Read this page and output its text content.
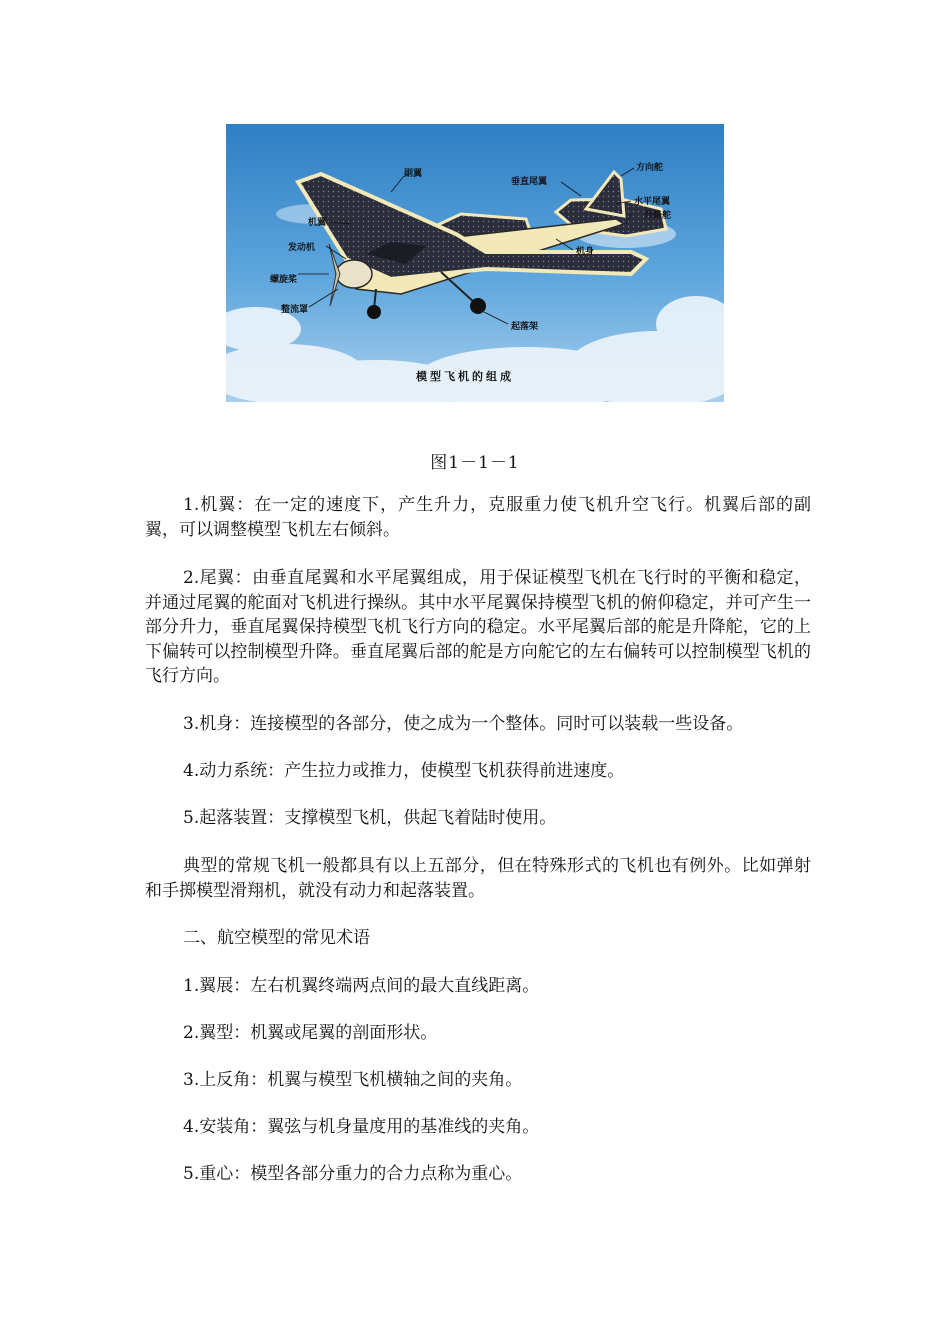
副翼
垂直尾翼
方向舵
水平尾翼
升降舵
机翼
发动机	机身
螺旋桨
整流罩
起落架
模型飞机的组成
图1－1－1

1.机翼：在一定的速度下，产生升力，克服重力使飞机升空飞行。机翼后部的副翼，可以调整模型飞机左右倾斜。

2.尾翼：由垂直尾翼和水平尾翼组成，用于保证模型飞机在飞行时的平衡和稳定，并通过尾翼的舵面对飞机进行操纵。其中水平尾翼保持模型飞机的俯仰稳定，并可产生一部分升力，垂直尾翼保持模型飞机飞行方向的稳定。水平尾翼后部的舵是升降舵，它的上下偏转可以控制模型升降。垂直尾翼后部的舵是方向舵它的左右偏转可以控制模型飞机的飞行方向。

3.机身：连接模型的各部分，使之成为一个整体。同时可以装载一些设备。

4.动力系统：产生拉力或推力，使模型飞机获得前进速度。

5.起落装置：支撑模型飞机，供起飞着陆时使用。

典型的常规飞机一般都具有以上五部分，但在特殊形式的飞机也有例外。比如弹射和手掷模型滑翔机，就没有动力和起落装置。

二、航空模型的常见术语

1.翼展：左右机翼终端两点间的最大直线距离。

2.翼型：机翼或尾翼的剖面形状。

3.上反角：机翼与模型飞机横轴之间的夹角。

4.安装角：翼弦与机身量度用的基准线的夹角。

5.重心：模型各部分重力的合力点称为重心。
